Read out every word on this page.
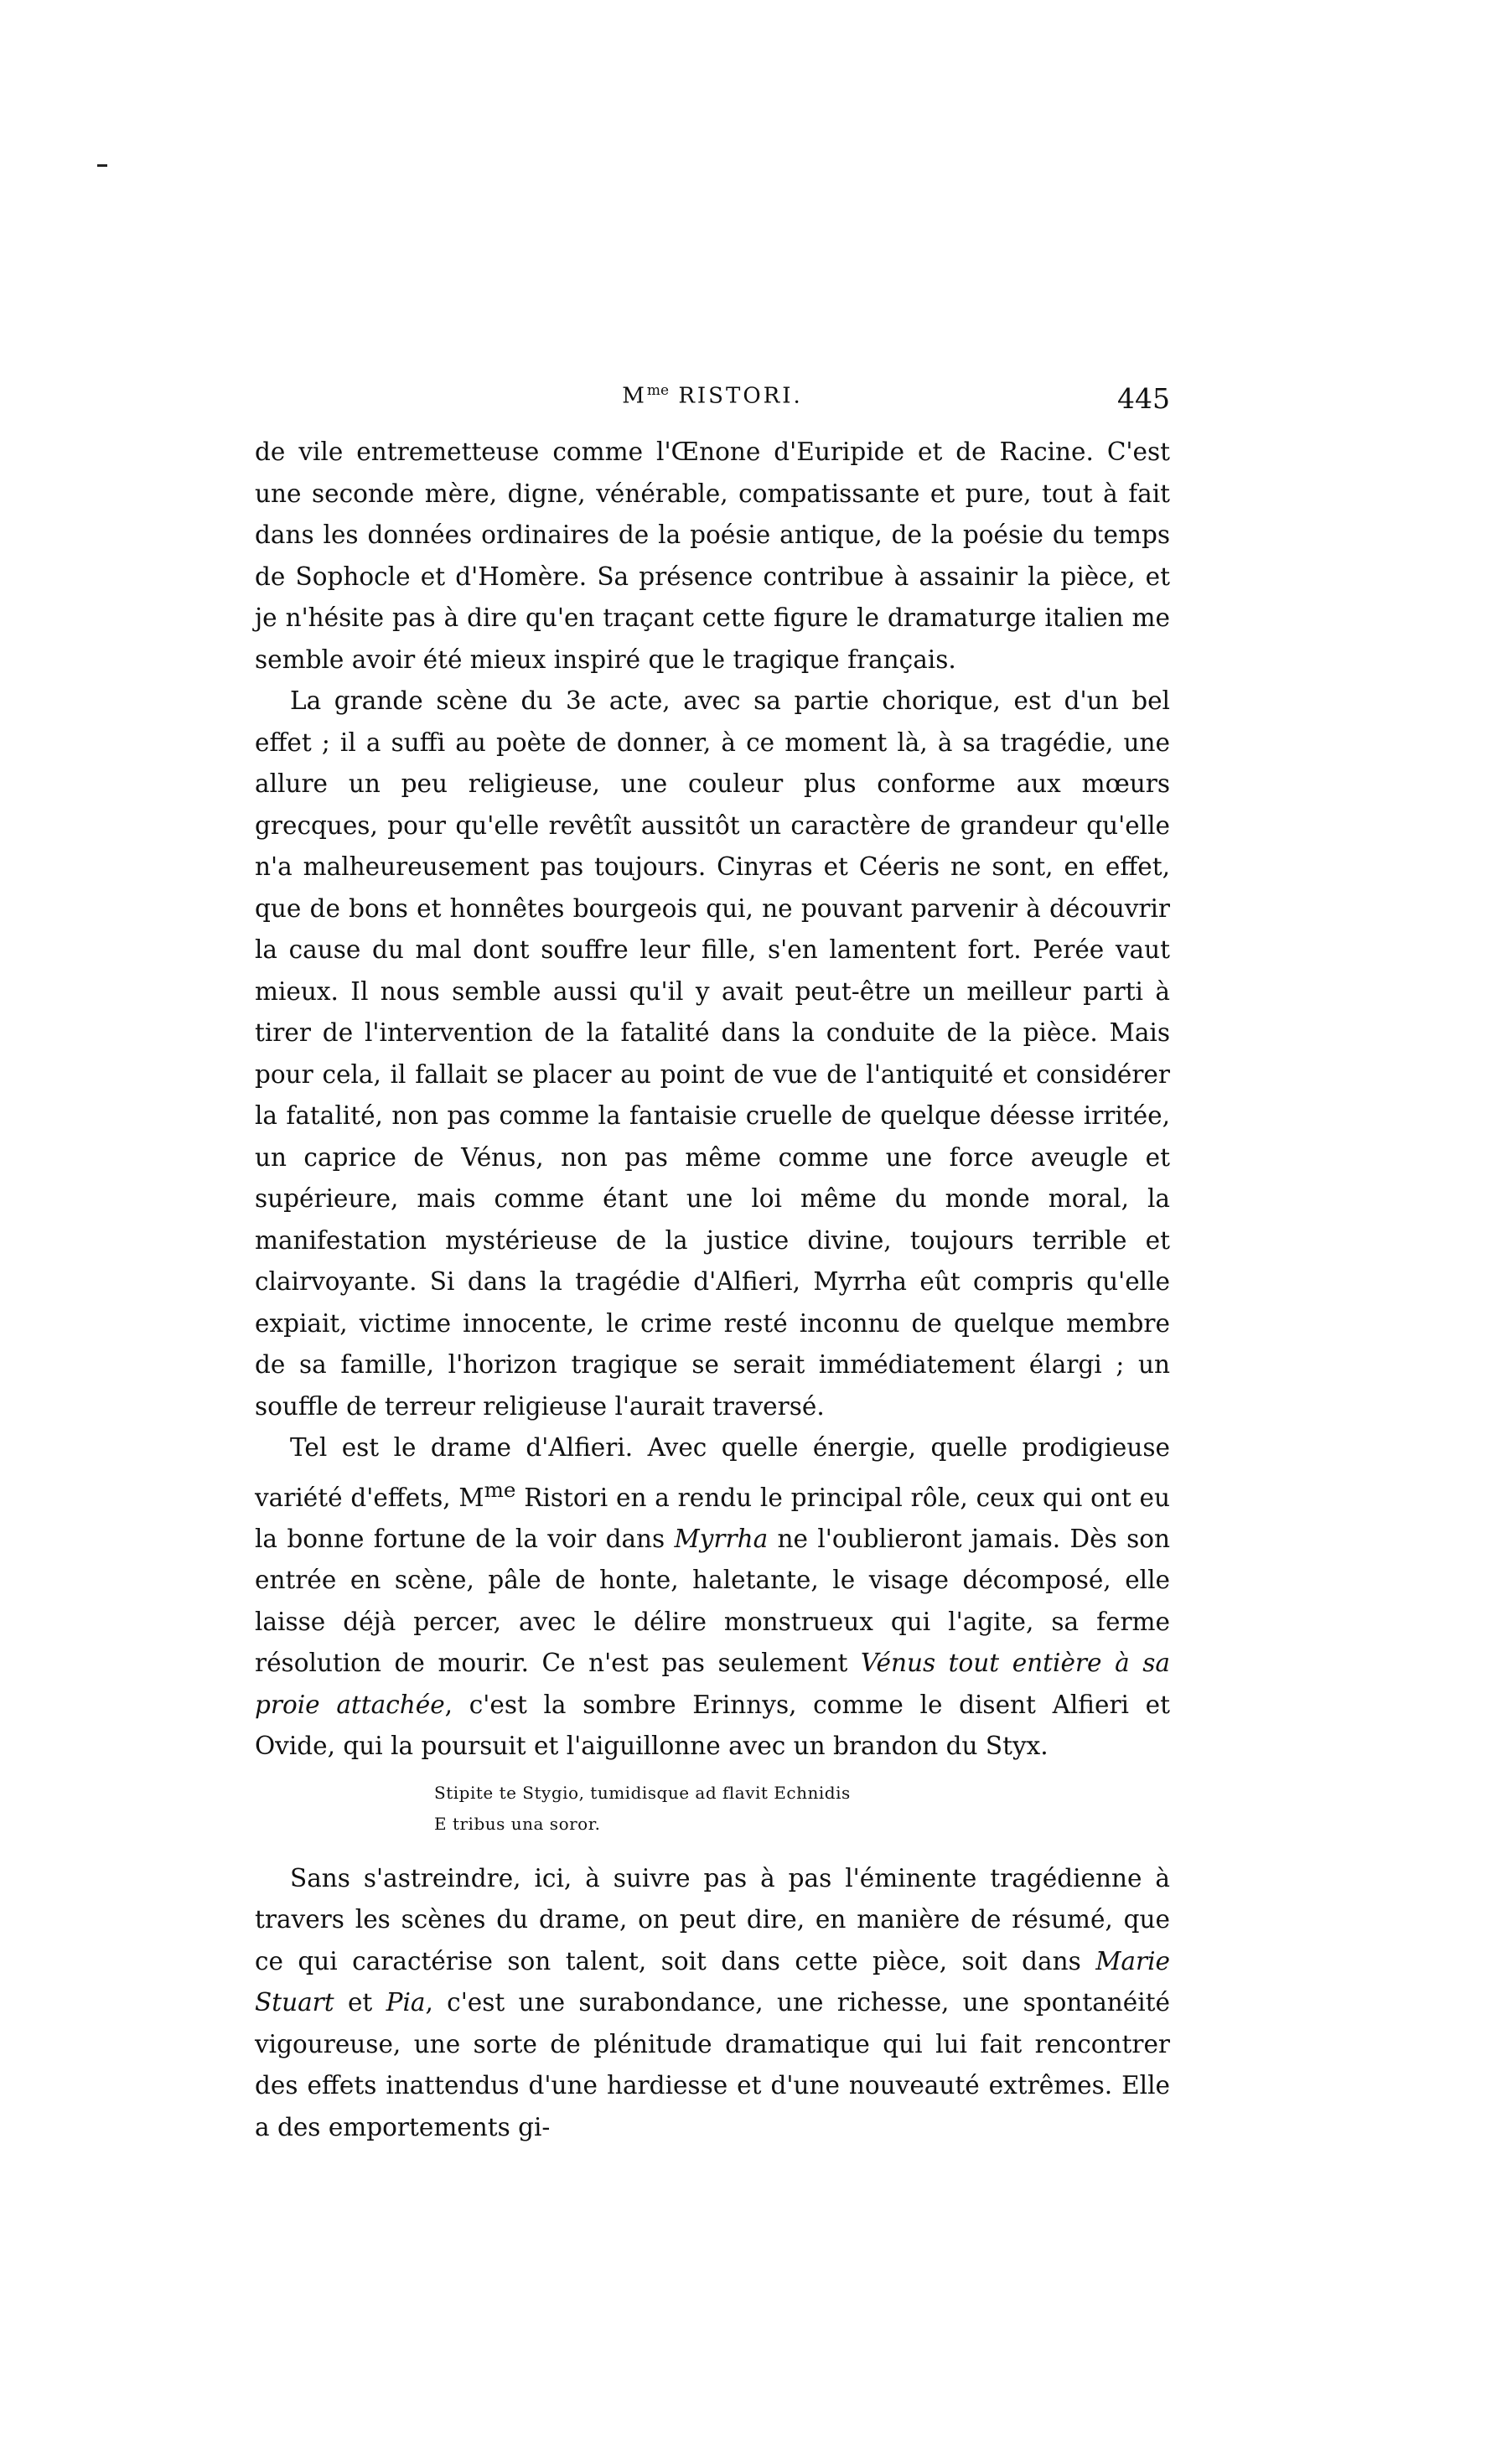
$M^{me}$ RISTORI.	445

de vile entremetteuse comme l'Œnone d'Euripide et de Racine. C'est une seconde mère, digne, vénérable, compatissante et pure, tout à fait dans les données ordinaires de la poésie antique, de la poésie du temps de Sophocle et d'Homère. Sa présence contribue à assainir la pièce, et je n'hésite pas à dire qu'en traçant cette figure le dramaturge italien me semble avoir été mieux inspiré que le tragique français.

La grande scène du 3e acte, avec sa partie chorique, est d'un bel effet ; il a suffi au poète de donner, à ce moment là, à sa tragédie, une allure un peu religieuse, une couleur plus conforme aux mœurs grecques, pour qu'elle revêtît aussitôt un caractère de grandeur qu'elle n'a malheureusement pas toujours. Cinyras et Céeris ne sont, en effet, que de bons et honnêtes bourgeois qui, ne pouvant parvenir à découvrir la cause du mal dont souffre leur fille, s'en lamentent fort. Perée vaut mieux. Il nous semble aussi qu'il y avait peut-être un meilleur parti à tirer de l'intervention de la fatalité dans la conduite de la pièce. Mais pour cela, il fallait se placer au point de vue de l'antiquité et considérer la fatalité, non pas comme la fantaisie cruelle de quelque déesse irritée, un caprice de Vénus, non pas même comme une force aveugle et supérieure, mais comme étant une loi même du monde moral, la manifestation mystérieuse de la justice divine, toujours terrible et clairvoyante. Si dans la tragédie d'Alfieri, Myrrha eût compris qu'elle expiait, victime innocente, le crime resté inconnu de quelque membre de sa famille, l'horizon tragique se serait immédiatement élargi ; un souffle de terreur religieuse l'aurait traversé.

Tel est le drame d'Alfieri. Avec quelle énergie, quelle prodigieuse variété d'effets, $M^{me}$ Ristori en a rendu le principal rôle, ceux qui ont eu la bonne fortune de la voir dans Myrrha ne l'oublieront jamais. Dès son entrée en scène, pâle de honte, haletante, le visage décomposé, elle laisse déjà percer, avec le délire monstrueux qui l'agite, sa ferme résolution de mourir. Ce n'est pas seulement Vénus tout entière à sa proie attachée, c'est la sombre Erinnys, comme le disent Alfieri et Ovide, qui la poursuit et l'aiguillonne avec un brandon du Styx.

Stipite te Stygio, tumidisque ad flavit Echnidis
E tribus una soror.

Sans s'astreindre, ici, à suivre pas à pas l'éminente tragédienne à travers les scènes du drame, on peut dire, en manière de résumé, que ce qui caractérise son talent, soit dans cette pièce, soit dans Marie Stuart et Pia, c'est une surabondance, une richesse, une spontanéité vigoureuse, une sorte de plénitude dramatique qui lui fait rencontrer des effets inattendus d'une hardiesse et d'une nouveauté extrêmes. Elle a des emportements gi-
